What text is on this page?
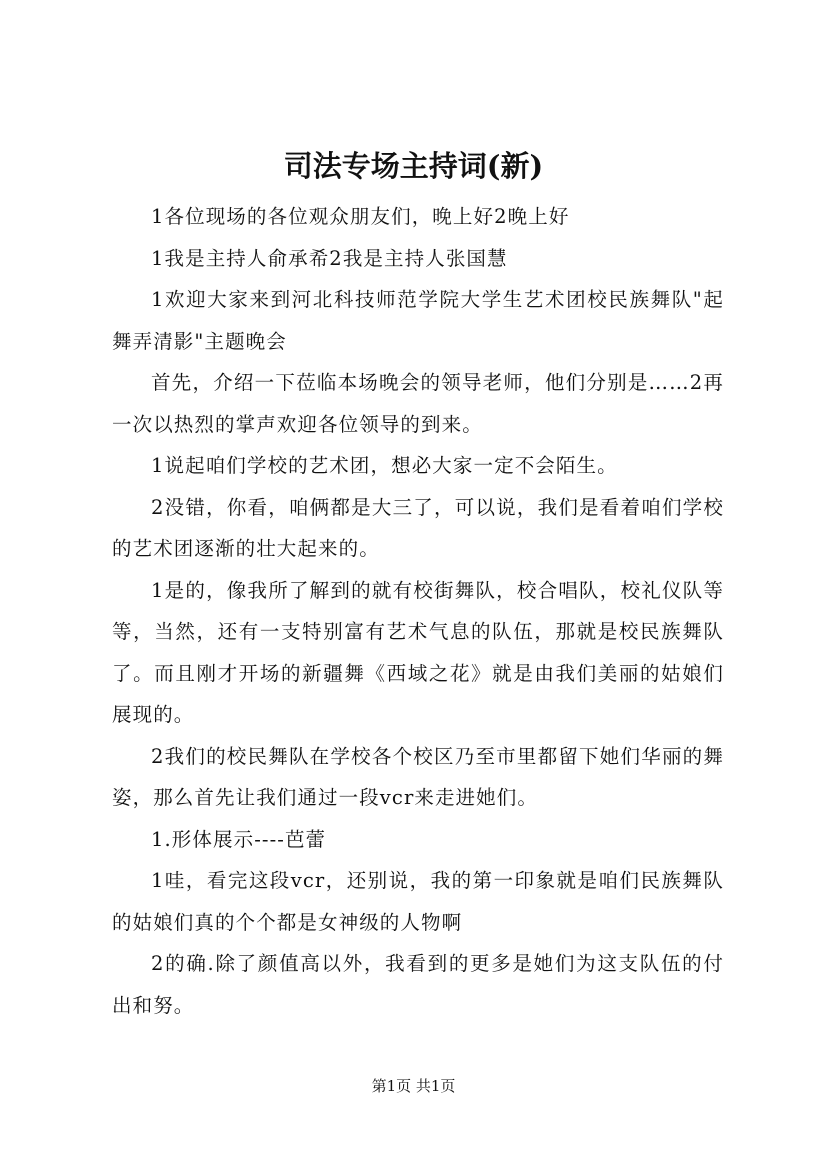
司法专场主持词(新)

1各位现场的各位观众朋友们，晚上好2晚上好

1我是主持人俞承希2我是主持人张国慧

1欢迎大家来到河北科技师范学院大学生艺术团校民族舞队"起舞弄清影"主题晚会

首先，介绍一下莅临本场晚会的领导老师，他们分别是……2再一次以热烈的掌声欢迎各位领导的到来。

1说起咱们学校的艺术团，想必大家一定不会陌生。

2没错，你看，咱俩都是大三了，可以说，我们是看着咱们学校的艺术团逐渐的壮大起来的。

1是的，像我所了解到的就有校街舞队，校合唱队，校礼仪队等等，当然，还有一支特别富有艺术气息的队伍，那就是校民族舞队了。而且刚才开场的新疆舞《西域之花》就是由我们美丽的姑娘们展现的。

2我们的校民舞队在学校各个校区乃至市里都留下她们华丽的舞姿，那么首先让我们通过一段vcr来走进她们。

1.形体展示----芭蕾

1哇，看完这段vcr，还别说，我的第一印象就是咱们民族舞队的姑娘们真的个个都是女神级的人物啊

2的确.除了颜值高以外，我看到的更多是她们为这支队伍的付出和努。

第1页 共1页
